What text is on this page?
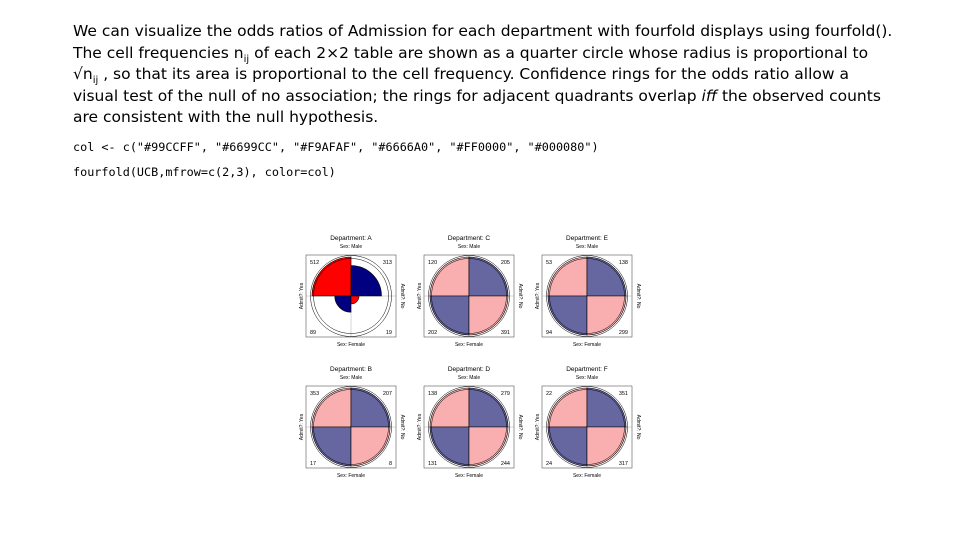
We can visualize the odds ratios of Admission for each department with fourfold displays using fourfold(). The cell frequencies $n_{ij}$ of each 2×2 table are shown as a quarter circle whose radius is proportional to $√n_{ij}$ , so that its area is proportional to the cell frequency. Confidence rings for the odds ratio allow a visual test of the null of no association; the rings for adjacent quadrants overlap iff the observed counts are consistent with the null hypothesis.

col <- c("#99CCFF", "#6699CC", "#F9AFAF", "#6666A0", "#FF0000", "#000080")
fourfold(UCB,mfrow=c(2,3), color=col)
Department: A
Sex: Male
Sex: Female
Admit?: Yes	Admit?: No
512	313
89	19
Department: C
Sex: Male
Sex: Female
Admit?: Yes	Admit?: No
120	205
202	391
Department: E
Sex: Male
Sex: Female
Admit?: Yes	Admit?: No
53	138
94	299
Department: B
Sex: Male
Sex: Female
Admit?: Yes	Admit?: No
353	207
17	8
Department: D
Sex: Male
Sex: Female
Admit?: Yes	Admit?: No
138	279
131	244
Department: F
Sex: Male
Sex: Female
Admit?: Yes	Admit?: No
22	351
24	317
